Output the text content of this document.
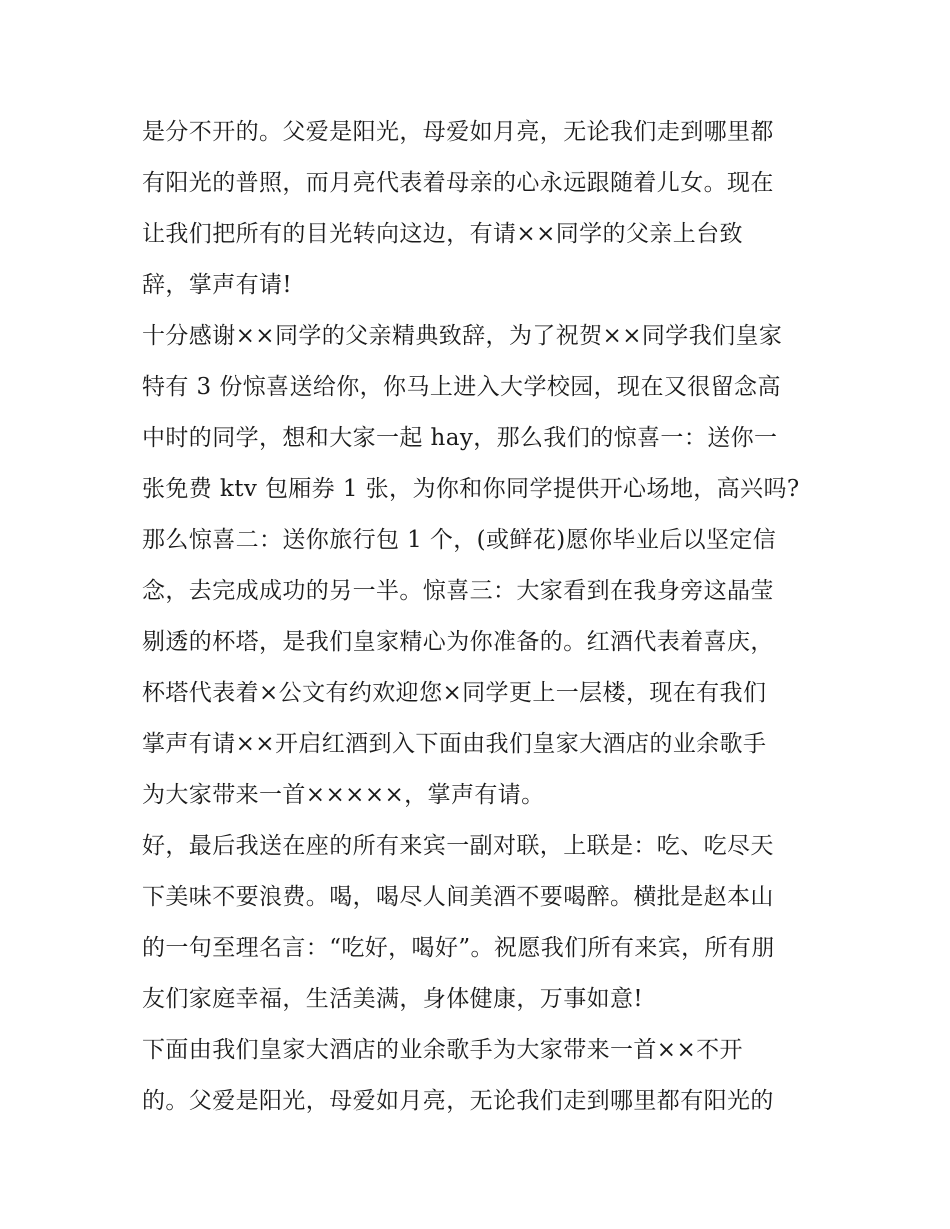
是分不开的。父爱是阳光，母爱如月亮，无论我们走到哪里都
有阳光的普照，而月亮代表着母亲的心永远跟随着儿女。现在
让我们把所有的目光转向这边，有请××同学的父亲上台致
辞，掌声有请!
十分感谢××同学的父亲精典致辞，为了祝贺××同学我们皇家
特有 3 份惊喜送给你，你马上进入大学校园，现在又很留念高
中时的同学，想和大家一起 hay，那么我们的惊喜一：送你一
张免费 ktv 包厢券 1 张，为你和你同学提供开心场地，高兴吗?
那么惊喜二：送你旅行包 1 个，(或鲜花)愿你毕业后以坚定信
念，去完成成功的另一半。惊喜三：大家看到在我身旁这晶莹
剔透的杯塔，是我们皇家精心为你准备的。红酒代表着喜庆，
杯塔代表着×公文有约欢迎您×同学更上一层楼，现在有我们
掌声有请××开启红酒到入下面由我们皇家大酒店的业余歌手
为大家带来一首×××××，掌声有请。
好，最后我送在座的所有来宾一副对联，上联是：吃、吃尽天
下美味不要浪费。喝，喝尽人间美酒不要喝醉。横批是赵本山
的一句至理名言：“吃好，喝好”。祝愿我们所有来宾，所有朋
友们家庭幸福，生活美满，身体健康，万事如意!
下面由我们皇家大酒店的业余歌手为大家带来一首××不开
的。父爱是阳光，母爱如月亮，无论我们走到哪里都有阳光的
